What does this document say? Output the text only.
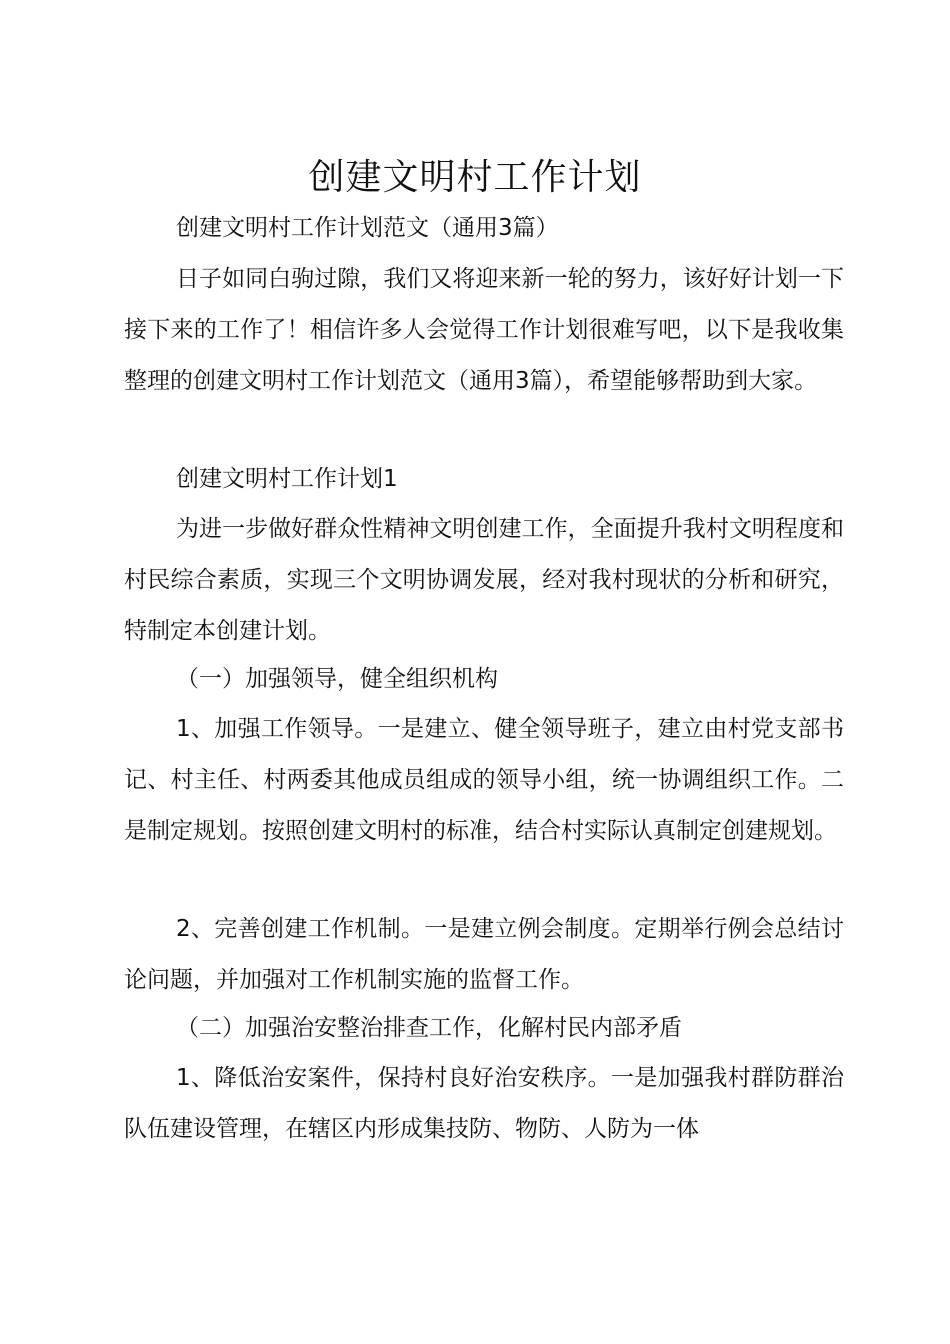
创建文明村工作计划

创建文明村工作计划范文（通用3篇）

日子如同白驹过隙，我们又将迎来新一轮的努力，该好好计划一下接下来的工作了！相信许多人会觉得工作计划很难写吧，以下是我收集整理的创建文明村工作计划范文（通用3篇），希望能够帮助到大家。

创建文明村工作计划1

为进一步做好群众性精神文明创建工作，全面提升我村文明程度和村民综合素质，实现三个文明协调发展，经对我村现状的分析和研究，特制定本创建计划。

（一）加强领导，健全组织机构

1、加强工作领导。一是建立、健全领导班子，建立由村党支部书记、村主任、村两委其他成员组成的领导小组，统一协调组织工作。二是制定规划。按照创建文明村的标准，结合村实际认真制定创建规划。

2、完善创建工作机制。一是建立例会制度。定期举行例会总结讨论问题，并加强对工作机制实施的监督工作。

（二）加强治安整治排查工作，化解村民内部矛盾

1、降低治安案件，保持村良好治安秩序。一是加强我村群防群治队伍建设管理，在辖区内形成集技防、物防、人防为一体
